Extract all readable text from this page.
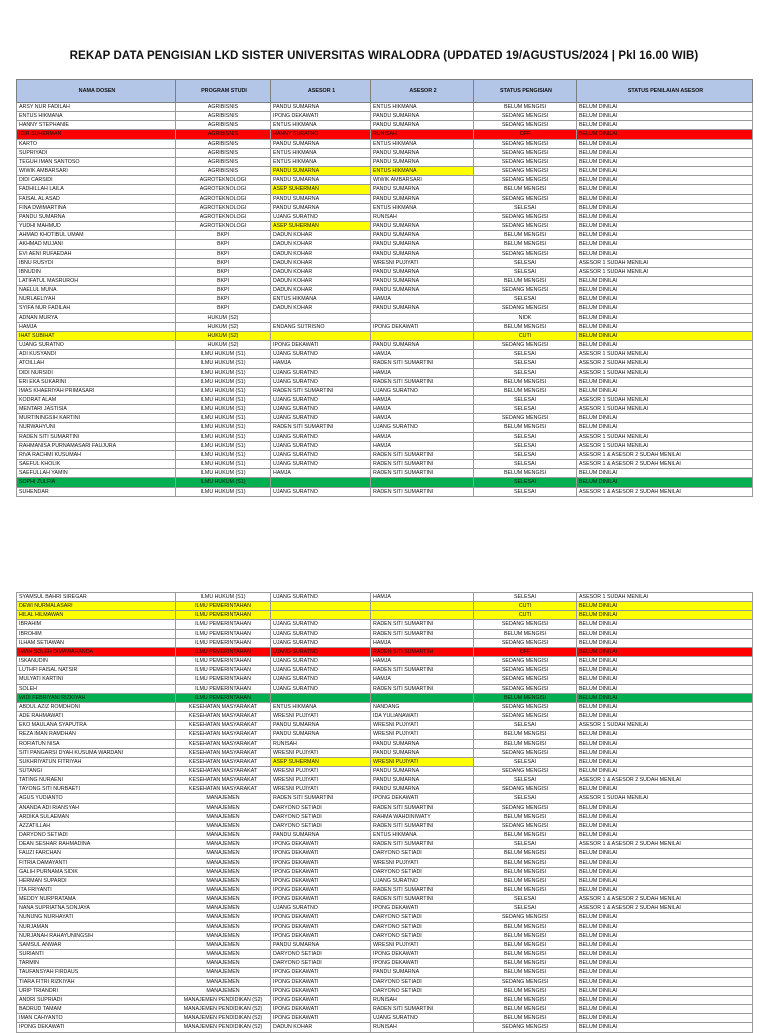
REKAP DATA PENGISIAN LKD SISTER UNIVERSITAS WIRALODRA (UPDATED 19/AGUSTUS/2024 | Pkl 16.00 WIB)
NAMA DOSEN	PROGRAM STUDI	ASESOR 1	ASESOR 2	STATUS PENGISIAN	STATUS PENILAIAN ASESOR
ARSY NUR FADILAH	AGRIBISNIS	PANDU SUMARNA	ENTUS HIKMANA	BELUM MENGISI	BELUM DINILAI
ENTUS HIKMANA	AGRIBISNIS	IPONG DEKAWATI	PANDU SUMARNA	SEDANG MENGISI	BELUM DINILAI
HANNY STEPHANIE	AGRIBISNIS	ENTUS HIKMANA	PANDU SUMARNA	SEDANG MENGISI	BELUM DINILAI
IDIR SUHERMAN	AGRIBISNIS	HANNY SURATNO	RUNISAH	OFF	BELUM DINILAI
KARTO	AGRIBISNIS	PANDU SUMARNA	ENTUS HIKMANA	SEDANG MENGISI	BELUM DINILAI
SUPRIYADI	AGRIBISNIS	ENTUS HIKMANA	PANDU SUMARNA	SEDANG MENGISI	BELUM DINILAI
TEGUH IMAN SANTOSO	AGRIBISNIS	ENTUS HIKMANA	PANDU SUMARNA	SEDANG MENGISI	BELUM DINILAI
WIWIK AMBARSARI	AGRIBISNIS	PANDU SUMARNA	ENTUS HIKMANA	SEDANG MENGISI	BELUM DINILAI
DIDI CARSIDI	AGROTEKNOLOGI	PANDU SUMARNA	WIWIK AMBARSARI	SEDANG MENGISI	BELUM DINILAI
FADHILLAH LAILA	AGROTEKNOLOGI	ASEP SUHERMAN	PANDU SUMARNA	BELUM MENGISI	BELUM DINILAI
FAISAL AL ASAD	AGROTEKNOLOGI	PANDU SUMARNA	PANDU SUMARNA	SEDANG MENGISI	BELUM DINILAI
FINA DWIMARTINA	AGROTEKNOLOGI	PANDU SUMARNA	ENTUS HIKMANA	SELESAI	BELUM DINILAI
PANDU SUMARNA	AGROTEKNOLOGI	UJANG SURATNO	RUNISAH	SEDANG MENGISI	BELUM DINILAI
YUDHI MAHMUD	AGROTEKNOLOGI	ASEP SUHERMAN	PANDU SUMARNA	SEDANG MENGISI	BELUM DINILAI
AHMAD KHOTIBUL UMAM	BKPI	DADUN KOHAR	PANDU SUMARNA	BELUM MENGISI	BELUM DINILAI
AKHMAD MUJANI	BKPI	DADUN KOHAR	PANDU SUMARNA	BELUM MENGISI	BELUM DINILAI
EVI AENI RUFAEDAH	BKPI	DADUN KOHAR	PANDU SUMARNA	SEDANG MENGISI	BELUM DINILAI
IBNU RUSYDI	BKPI	DADUN KOHAR	WRESNI PUJIYATI	SELESAI	ASESOR 1 SUDAH MENILAI
IBNUDIN	BKPI	DADUN KOHAR	PANDU SUMARNA	SELESAI	ASESOR 1 SUDAH MENILAI
LATIFATUL MASRUROH	BKPI	DADUN KOHAR	PANDU SUMARNA	BELUM MENGISI	BELUM DINILAI
NAELUL MUNA	BKPI	DADUN KOHAR	PANDU SUMARNA	SEDANG MENGISI	BELUM DINILAI
NURLAELIYAH	BKPI	ENTUS HIKMANA	HAMJA	SELESAI	BELUM DINILAI
SYIFA NUR FADILAH	BKPI	DADUN KOHAR	PANDU SUMARNA	SEDANG MENGISI	BELUM DINILAI
ADNAN MURYA	HUKUM (S2)			NIDK	BELUM DINILAI
HAMJA	HUKUM (S2)	ENDANG SUTRISNO	IPONG DEKAWATI	BELUM MENGISI	BELUM DINILAI
IHAT SUBIHAT	HUKUM (S2)			CUTI	BELUM DINILAI
UJANG SURATNO	HUKUM (S2)	IPONG DEKAWATI	PANDU SUMARNA	SEDANG MENGISI	BELUM DINILAI
ADI KUSYANDI	ILMU HUKUM (S1)	UJANG SURATNO	HAMJA	SELESAI	ASESOR 1 SUDAH MENILAI
ATOILLAH	ILMU HUKUM (S1)	HAMJA	RADEN SITI SUMARTINI	SELESAI	ASESOR 2 SUDAH MENILAI
DIDI NURSIDI	ILMU HUKUM (S1)	UJANG SURATNO	HAMJA	SELESAI	ASESOR 1 SUDAH MENILAI
ERI EKA SUKARINI	ILMU HUKUM (S1)	UJANG SURATNO	RADEN SITI SUMARTINI	BELUM MENGISI	BELUM DINILAI
IMAS KHAERIYAH PRIMASARI	ILMU HUKUM (S1)	RADEN SITI SUMARTINI	UJANG SURATNO	BELUM MENGISI	BELUM DINILAI
KODRAT ALAM	ILMU HUKUM (S1)	UJANG SURATNO	HAMJA	SELESAI	ASESOR 1 SUDAH MENILAI
MENTARI JASTISIA	ILMU HUKUM (S1)	UJANG SURATNO	HAMJA	SELESAI	ASESOR 1 SUDAH MENILAI
MURTININGSIH KARTINI	ILMU HUKUM (S1)	UJANG SURATNO	HAMJA	SEDANG MENGISI	BELUM DINILAI
NURWAHYUNI	ILMU HUKUM (S1)	RADEN SITI SUMARTINI	UJANG SURATNO	BELUM MENGISI	BELUM DINILAI
RADEN SITI SUMARTINI	ILMU HUKUM (S1)	UJANG SURATNO	HAMJA	SELESAI	ASESOR 1 SUDAH MENILAI
RAHMANISA PURNAMASARI FAUJURA	ILMU HUKUM (S1)	UJANG SURATNO	HAMJA	SELESAI	ASESOR 1 SUDAH MENILAI
RIVA RACHMI KUSUMAH	ILMU HUKUM (S1)	UJANG SURATNO	RADEN SITI SUMARTINI	SELESAI	ASESOR 1 & ASESOR 2 SUDAH MENILAI
SAEFUL KHOLIK	ILMU HUKUM (S1)	UJANG SURATNO	RADEN SITI SUMARTINI	SELESAI	ASESOR 1 & ASESOR 2 SUDAH MENILAI
SAEFULLAH YAMIN	ILMU HUKUM (S1)	HAMJA	RADEN SITI SUMARTINI	BELUM MENGISI	BELUM DINILAI
SOPHI ZULFIA	ILMU HUKUM (S1)			SELESAI	BELUM DINILAI
SUHENDAR	ILMU HUKUM (S1)	UJANG SURATNO	RADEN SITI SUMARTINI	SELESAI	ASESOR 1 & ASESOR 2 SUDAH MENILAI
SYAMSUL BAHRI SIREGAR	ILMU HUKUM (S1)	UJANG SURATNO	HAMJA	SELESAI	ASESOR 1 SUDAH MENILAI
DEWI NURMALASARI	ILMU PEMERINTAHAN			CUTI	BELUM DINILAI
HILAL HILMAWAN	ILMU PEMERINTAHAN			CUTI	BELUM DINILAI
IBRAHIM	ILMU PEMERINTAHAN	UJANG SURATNO	RADEN SITI SUMARTINI	SEDANG MENGISI	BELUM DINILAI
IBROHIM	ILMU PEMERINTAHAN	UJANG SURATNO	RADEN SITI SUMARTINI	BELUM MENGISI	BELUM DINILAI
ILHAM SETIAWAN	ILMU PEMERINTAHAN	UJANG SURATNO	HAMJA	SEDANG MENGISI	BELUM DINILAI
IMAN SOLEH DIMAWAHANDA	ILMU PEMERINTAHAN	UJANG SURATNO	RADEN SITI SUMARTINI	OFF	BELUM DINILAI
ISKANUDIN	ILMU PEMERINTAHAN	UJANG SURATNO	HAMJA	SEDANG MENGISI	BELUM DINILAI
LUTHFI FAISAL NATSIR	ILMU PEMERINTAHAN	UJANG SURATNO	RADEN SITI SUMARTINI	SEDANG MENGISI	BELUM DINILAI
MULYATI KARTINI	ILMU PEMERINTAHAN	UJANG SURATNO	HAMJA	SEDANG MENGISI	BELUM DINILAI
SOLEH	ILMU PEMERINTAHAN	UJANG SURATNO	RADEN SITI SUMARTINI	SEDANG MENGISI	BELUM DINILAI
WIDI FEBRIYANI RIZKIYAH	ILMU PEMERINTAHAN			BELUM MENGISI	BELUM DINILAI
ABDUL AZIZ ROMDHONI	KESEHATAN MASYARAKAT	ENTUS HIKMANA	NANDANG	SEDANG MENGISI	BELUM DINILAI
ADE RAHMAWATI	KESEHATAN MASYARAKAT	WRESNI PUJIYATI	IDA YULIANAWATI	SEDANG MENGISI	BELUM DINILAI
EKO MAULANA SYAPUTRA	KESEHATAN MASYARAKAT	PANDU SUMARNA	WRESNI PUJIYATI	SELESAI	ASESOR 1 SUDAH MENILAI
REZA IMAN RAMDHAN	KESEHATAN MASYARAKAT	PANDU SUMARNA	WRESNI PUJIYATI	BELUM MENGISI	BELUM DINILAI
ROFIATUN NISA	KESEHATAN MASYARAKAT	RUNISAH	PANDU SUMARNA	BELUM MENGISI	BELUM DINILAI
SITI PANGARSI DYAH KUSUMA WARDANI	KESEHATAN MASYARAKAT	WRESNI PUJIYATI	PANDU SUMARNA	SEDANG MENGISI	BELUM DINILAI
SUKHRIYATUN FITRIYAH	KESEHATAN MASYARAKAT	ASEP SUHERMAN	WRESNI PUJIYATI	SELESAI	BELUM DINILAI
SUTANGI	KESEHATAN MASYARAKAT	WRESNI PUJIYATI	PANDU SUMARNA	SEDANG MENGISI	BELUM DINILAI
TATING NURAENI	KESEHATAN MASYARAKAT	WRESNI PUJIYATI	PANDU SUMARNA	SELESAI	ASESOR 1 & ASESOR 2 SUDAH MENILAI
TAYONG SITI NURBAETI	KESEHATAN MASYARAKAT	WRESNI PUJIYATI	PANDU SUMARNA	SEDANG MENGISI	BELUM DINILAI
AGUS YUDIANTO	MANAJEMEN	RADEN SITI SUMARTINI	IPONG DEKAWATI	SELESAI	ASESOR 1 SUDAH MENILAI
ANANDA ADI RIANSYAH	MANAJEMEN	DARYONO SETIADI	RADEN SITI SUMARTINI	SEDANG MENGISI	BELUM DINILAI
ARDIKA SULAEMAN	MANAJEMEN	DARYONO SETIADI	RAHMA WAHDINIWATY	BELUM MENGISI	BELUM DINILAI
AZZATILLAH	MANAJEMEN	DARYONO SETIADI	RADEN SITI SUMARTINI	SEDANG MENGISI	BELUM DINILAI
DARYONO SETIADI	MANAJEMEN	PANDU SUMARNA	ENTUS HIKMANA	BELUM MENGISI	BELUM DINILAI
DEAN SESHAR RAHMADINA	MANAJEMEN	IPONG DEKAWATI	RADEN SITI SUMARTINI	SELESAI	ASESOR 1 & ASESOR 2 SUDAH MENILAI
FAUZI FARCHAN	MANAJEMEN	IPONG DEKAWATI	DARYONO SETIADI	BELUM MENGISI	BELUM DINILAI
FITRIA DAMAYANTI	MANAJEMEN	IPONG DEKAWATI	WRESNI PUJIYATI	BELUM MENGISI	BELUM DINILAI
GALIH PURNAMA SIDIK	MANAJEMEN	IPONG DEKAWATI	DARYONO SETIADI	BELUM MENGISI	BELUM DINILAI
HERMAN SUPARDI	MANAJEMEN	IPONG DEKAWATI	UJANG SURATNO	BELUM MENGISI	BELUM DINILAI
ITA FRIYANTI	MANAJEMEN	IPONG DEKAWATI	RADEN SITI SUMARTINI	BELUM MENGISI	BELUM DINILAI
MEDDY NURPRATAMA	MANAJEMEN	IPONG DEKAWATI	RADEN SITI SUMARTINI	SELESAI	ASESOR 1 & ASESOR 2 SUDAH MENILAI
NANA SUPRIATNA SONJAYA	MANAJEMEN	UJANG SURATNO	IPONG DEKAWATI	SELESAI	ASESOR 1 & ASESOR 2 SUDAH MENILAI
NUNUNG NURHAYATI	MANAJEMEN	IPONG DEKAWATI	DARYONO SETIADI	SEDANG MENGISI	BELUM DINILAI
NURJAMAN	MANAJEMEN	IPONG DEKAWATI	DARYONO SETIADI	BELUM MENGISI	BELUM DINILAI
NURJANAH RAHAYUNINGSIH	MANAJEMEN	IPONG DEKAWATI	DARYONO SETIADI	BELUM MENGISI	BELUM DINILAI
SAMSUL ANWAR	MANAJEMEN	PANDU SUMARNA	WRESNI PUJIYATI	BELUM MENGISI	BELUM DINILAI
SURIANTI	MANAJEMEN	DARYONO SETIADI	IPONG DEKAWATI	BELUM MENGISI	BELUM DINILAI
TARMIN	MANAJEMEN	DARYONO SETIADI	IPONG DEKAWATI	BELUM MENGISI	BELUM DINILAI
TAUFANSYAH FIRDAUS	MANAJEMEN	IPONG DEKAWATI	PANDU SUMARNA	BELUM MENGISI	BELUM DINILAI
TIARA FITRI RIZKIYAH	MANAJEMEN	IPONG DEKAWATI	DARYONO SETIADI	SEDANG MENGISI	BELUM DINILAI
URIP TRIANDRI	MANAJEMEN	IPONG DEKAWATI	DARYONO SETIADI	BELUM MENGISI	BELUM DINILAI
ANDRI SUPRIADI	MANAJEMEN PENDIDIKAN (S2)	IPONG DEKAWATI	RUNISAH	BELUM MENGISI	BELUM DINILAI
BADRUD TAMAM	MANAJEMEN PENDIDIKAN (S2)	IPONG DEKAWATI	RADEN SITI SUMARTINI	BELUM MENGISI	BELUM DINILAI
IMAN CAHYANTO	MANAJEMEN PENDIDIKAN (S2)	IPONG DEKAWATI	UJANG SURATNO	BELUM MENGISI	BELUM DINILAI
IPONG DEKAWATI	MANAJEMEN PENDIDIKAN (S2)	DADUN KOHAR	RUNISAH	SEDANG MENGISI	BELUM DINILAI
